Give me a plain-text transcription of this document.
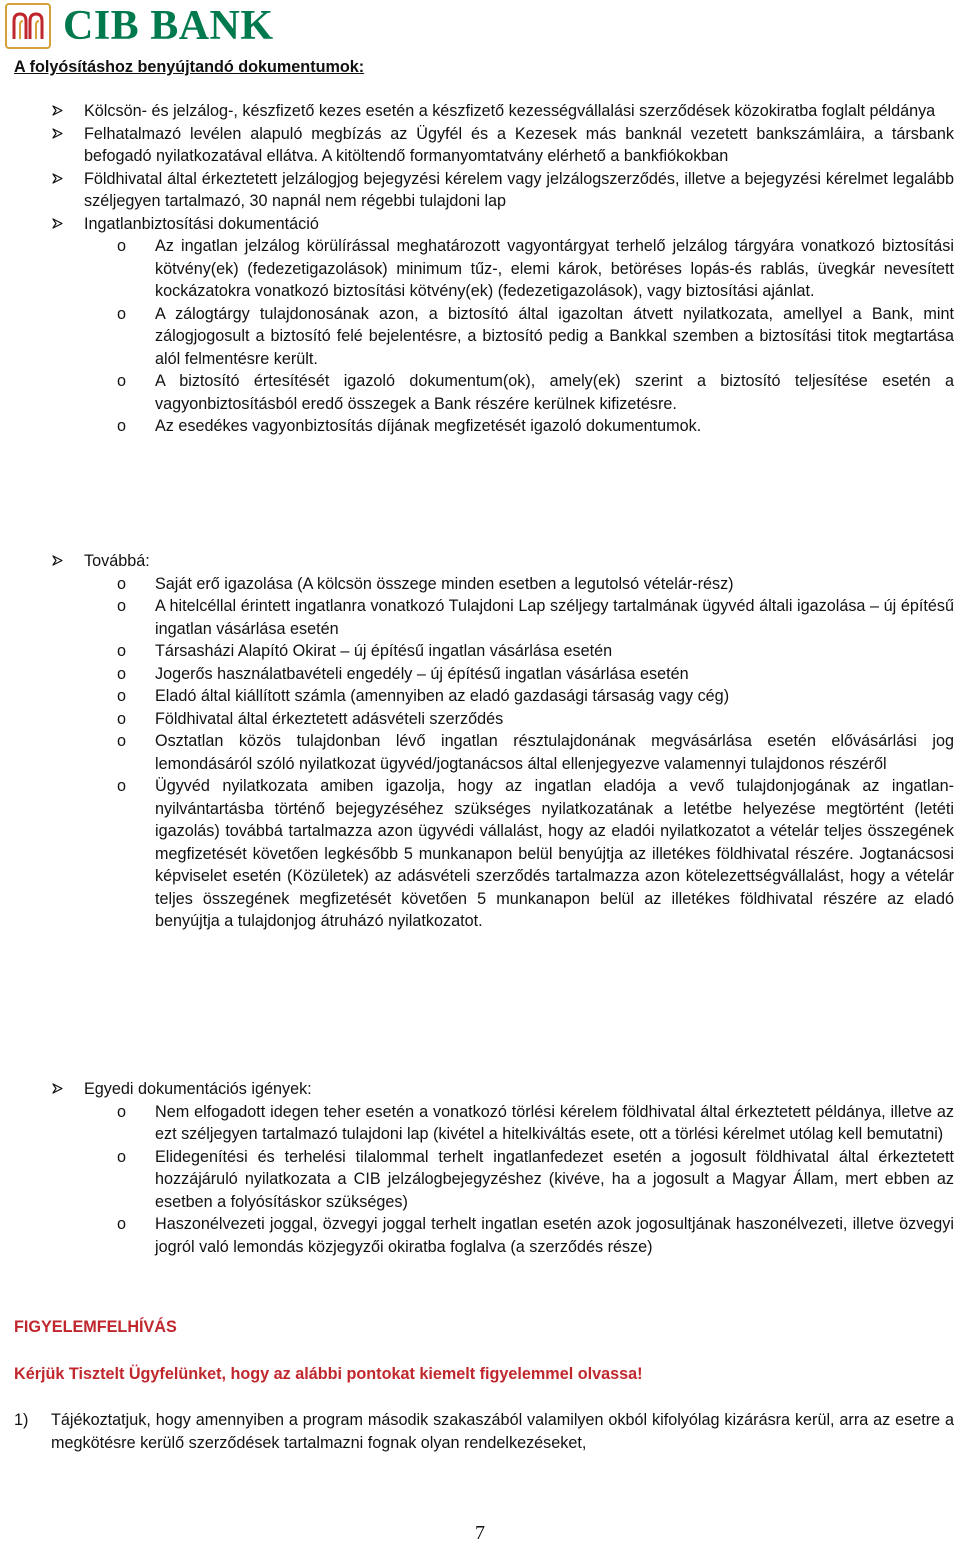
CIB BANK
A folyósításhoz benyújtandó dokumentumok:
Kölcsön- és jelzálog-, készfizető kezes esetén a készfizető kezességvállalási szerződések közokiratba foglalt példánya
Felhatalmazó levélen alapuló megbízás az Ügyfél és a Kezesek más banknál vezetett bankszámláira, a társbank befogadó nyilatkozatával ellátva. A kitöltendő formanyomtatvány elérhető a bankfiókokban
Földhivatal által érkeztetett jelzálogjog bejegyzési kérelem vagy jelzálogszerződés, illetve a bejegyzési kérelmet legalább széljegyen tartalmazó, 30 napnál nem régebbi tulajdoni lap
Ingatlanbiztosítási dokumentáció
o Az ingatlan jelzálog körülírással meghatározott vagyontárgyat terhelő jelzálog tárgyára vonatkozó biztosítási kötvény(ek) (fedezetigazolások) minimum tűz-, elemi károk, betöréses lopás-és rablás, üvegkár nevesített kockázatokra vonatkozó biztosítási kötvény(ek) (fedezetigazolások), vagy biztosítási ajánlat.
o A zálogtárgy tulajdonosának azon, a biztosító által igazoltan átvett nyilatkozata, amellyel a Bank, mint zálogjogosult a biztosító felé bejelentésre, a biztosító pedig a Bankkal szemben a biztosítási titok megtartása alól felmentésre került.
o A biztosító értesítését igazoló dokumentum(ok), amely(ek) szerint a biztosító teljesítése esetén a vagyonbiztosításból eredő összegek a Bank részére kerülnek kifizetésre.
o Az esedékes vagyonbiztosítás díjának megfizetését igazoló dokumentumok.
Továbbá:
o Saját erő igazolása (A kölcsön összege minden esetben a legutolsó vételár-rész)
o A hitelcéllal érintett ingatlanra vonatkozó Tulajdoni Lap széljegy tartalmának ügyvéd általi igazolása – új építésű ingatlan vásárlása esetén
o Társasházi Alapító Okirat – új építésű ingatlan vásárlása esetén
o Jogerős használatbavételi engedély – új építésű ingatlan vásárlása esetén
o Eladó által kiállított számla (amennyiben az eladó gazdasági társaság vagy cég)
o Földhivatal által érkeztetett adásvételi szerződés
o Osztatlan közös tulajdonban lévő ingatlan résztulajdonának megvásárlása esetén elővásárlási jog lemondásáról szóló nyilatkozat ügyvéd/jogtanácsos által ellenjegyezve valamennyi tulajdonos részéről
o Ügyvéd nyilatkozata amiben igazolja, hogy az ingatlan eladója a vevő tulajdonjogának az ingatlan-nyilvántartásba történő bejegyzéséhez szükséges nyilatkozatának a letétbe helyezése megtörtént (letéti igazolás) továbbá tartalmazza azon ügyvédi vállalást, hogy az eladói nyilatkozatot a vételár teljes összegének megfizetését követően legkésőbb 5 munkanapon belül benyújtja az illetékes földhivatal részére. Jogtanácsosi képviselet esetén (Közületek) az adásvételi szerződés tartalmazza azon kötelezettségvállalást, hogy a vételár teljes összegének megfizetését követően 5 munkanapon belül az illetékes földhivatal részére az eladó benyújtja a tulajdonjog átruházó nyilatkozatot.
Egyedi dokumentációs igények:
o Nem elfogadott idegen teher esetén a vonatkozó törlési kérelem földhivatal által érkeztetett példánya, illetve az ezt széljegyen tartalmazó tulajdoni lap (kivétel a hitelkiváltás esete, ott a törlési kérelmet utólag kell bemutatni)
o Elidegenítési és terhelési tilalommal terhelt ingatlanfedezet esetén a jogosult földhivatal által érkeztetett hozzájáruló nyilatkozata a CIB jelzálogbejegyzéshez (kivéve, ha a jogosult a Magyar Állam, mert ebben az esetben a folyósításkor szükséges)
o Haszonélvezeti joggal, özvegyi joggal terhelt ingatlan esetén azok jogosultjának haszonélvezeti, illetve özvegyi jogról való lemondás közjegyzői okiratba foglalva (a szerződés része)
FIGYELEMFELHÍVÁS
Kérjük Tisztelt Ügyfelünket, hogy az alábbi pontokat kiemelt figyelemmel olvassa!
1)	Tájékoztatjuk, hogy amennyiben a program második szakaszából valamilyen okból kifolyólag kizárásra kerül, arra az esetre a megkötésre kerülő szerződések tartalmazni fognak olyan rendelkezéseket,
7
